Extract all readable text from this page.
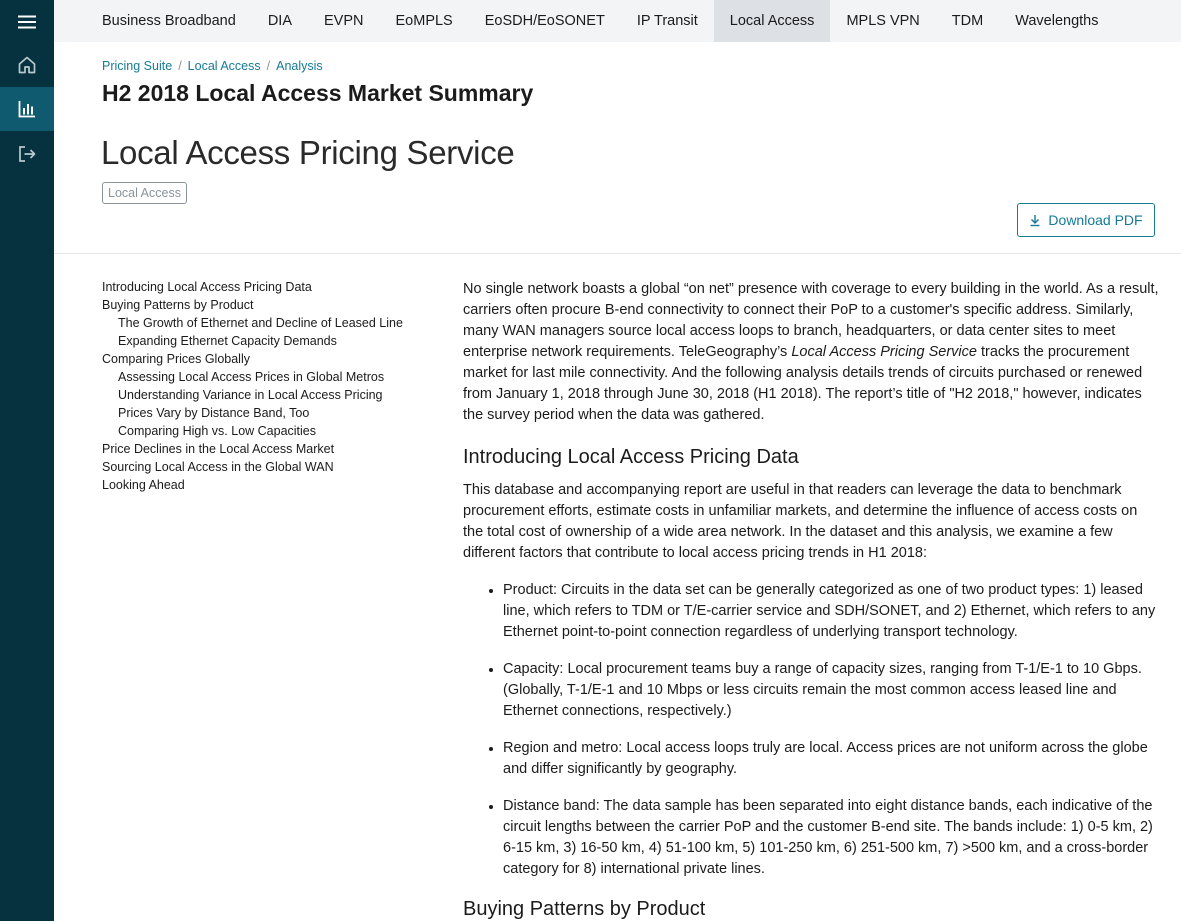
Business Broadband	DIA	EVPN	EoMPLS	EoSDH/EoSONET	IP Transit	Local Access	MPLS VPN	TDM	Wavelengths
Pricing Suite / Local Access / Analysis
H2 2018 Local Access Market Summary
Local Access Pricing Service
Local Access
Download PDF
Introducing Local Access Pricing Data
Buying Patterns by Product
The Growth of Ethernet and Decline of Leased Line
Expanding Ethernet Capacity Demands
Comparing Prices Globally
Assessing Local Access Prices in Global Metros
Understanding Variance in Local Access Pricing
Prices Vary by Distance Band, Too
Comparing High vs. Low Capacities
Price Declines in the Local Access Market
Sourcing Local Access in the Global WAN
Looking Ahead

No single network boasts a global “on net” presence with coverage to every building in the world. As a result, carriers often procure B-end connectivity to connect their PoP to a customer's specific address. Similarly, many WAN managers source local access loops to branch, headquarters, or data center sites to meet enterprise network requirements. TeleGeography’s Local Access Pricing Service tracks the procurement market for last mile connectivity. And the following analysis details trends of circuits purchased or renewed from January 1, 2018 through June 30, 2018 (H1 2018). The report’s title of "H2 2018," however, indicates the survey period when the data was gathered.

Introducing Local Access Pricing Data

This database and accompanying report are useful in that readers can leverage the data to benchmark procurement efforts, estimate costs in unfamiliar markets, and determine the influence of access costs on the total cost of ownership of a wide area network. In the dataset and this analysis, we examine a few different factors that contribute to local access pricing trends in H1 2018:

• Product: Circuits in the data set can be generally categorized as one of two product types: 1) leased line, which refers to TDM or T/E-carrier service and SDH/SONET, and 2) Ethernet, which refers to any Ethernet point-to-point connection regardless of underlying transport technology.
• Capacity: Local procurement teams buy a range of capacity sizes, ranging from T-1/E-1 to 10 Gbps. (Globally, T-1/E-1 and 10 Mbps or less circuits remain the most common access leased line and Ethernet connections, respectively.)
• Region and metro: Local access loops truly are local. Access prices are not uniform across the globe and differ significantly by geography.
• Distance band: The data sample has been separated into eight distance bands, each indicative of the circuit lengths between the carrier PoP and the customer B-end site. The bands include: 1) 0-5 km, 2) 6-15 km, 3) 16-50 km, 4) 51-100 km, 5) 101-250 km, 6) 251-500 km, 7) >500 km, and a cross-border category for 8) international private lines.
Buying Patterns by Product
